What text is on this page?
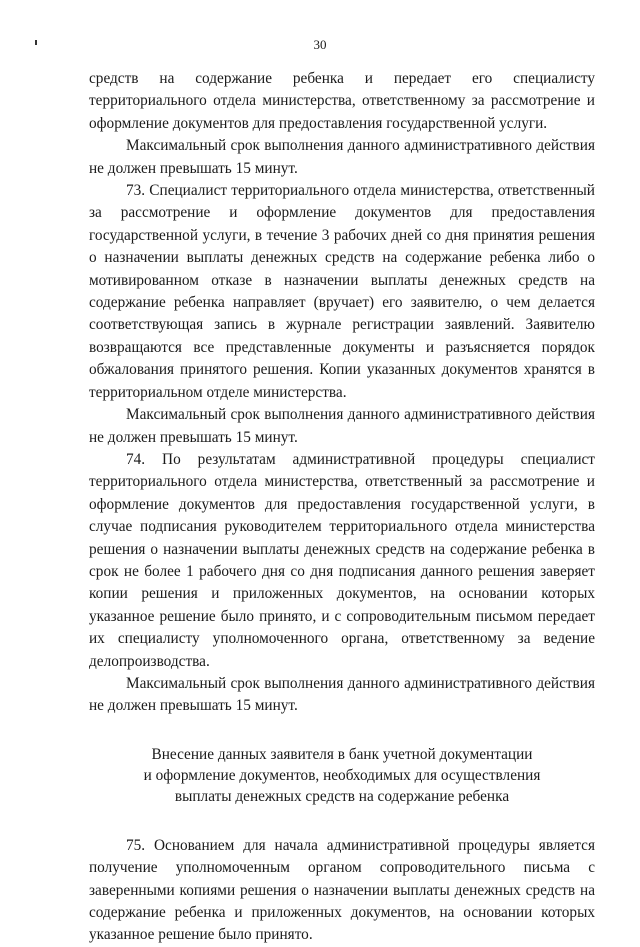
30

средств на содержание ребенка и передает его специалисту территориального отдела министерства, ответственному за рассмотрение и оформление документов для предоставления государственной услуги.

Максимальный срок выполнения данного административного действия не должен превышать 15 минут.

73. Специалист территориального отдела министерства, ответственный за рассмотрение и оформление документов для предоставления государственной услуги, в течение 3 рабочих дней со дня принятия решения о назначении выплаты денежных средств на содержание ребенка либо о мотивированном отказе в назначении выплаты денежных средств на содержание ребенка направляет (вручает) его заявителю, о чем делается соответствующая запись в журнале регистрации заявлений. Заявителю возвращаются все представленные документы и разъясняется порядок обжалования принятого решения. Копии указанных документов хранятся в территориальном отделе министерства.

Максимальный срок выполнения данного административного действия не должен превышать 15 минут.

74. По результатам административной процедуры специалист территориального отдела министерства, ответственный за рассмотрение и оформление документов для предоставления государственной услуги, в случае подписания руководителем территориального отдела министерства решения о назначении выплаты денежных средств на содержание ребенка в срок не более 1 рабочего дня со дня подписания данного решения заверяет копии решения и приложенных документов, на основании которых указанное решение было принято, и с сопроводительным письмом передает их специалисту уполномоченного органа, ответственному за ведение делопроизводства.

Максимальный срок выполнения данного административного действия не должен превышать 15 минут.

Внесение данных заявителя в банк учетной документации
и оформление документов, необходимых для осуществления
выплаты денежных средств на содержание ребенка

75. Основанием для начала административной процедуры является получение уполномоченным органом сопроводительного письма с заверенными копиями решения о назначении выплаты денежных средств на содержание ребенка и приложенных документов, на основании которых указанное решение было принято.
